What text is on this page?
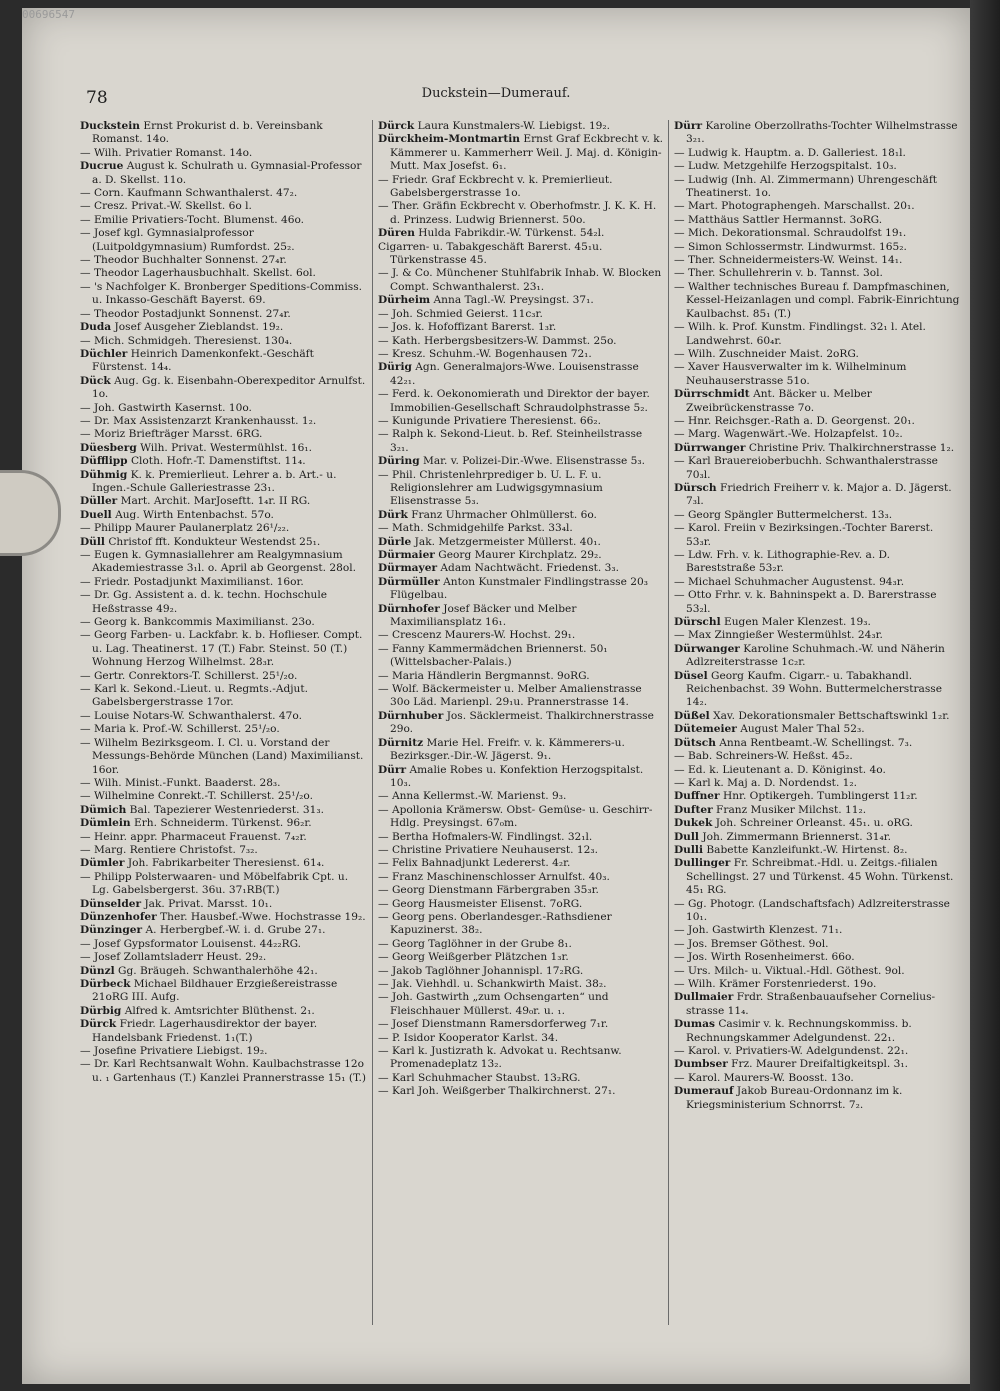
00696547
78	Duckstein—Dumerauf.

Duckstein Ernst Prokurist d. b. Vereinsbank Romanst. 14o.

— Wilh. Privatier Romanst. 14o.

Ducrue August k. Schulrath u. Gymnasial-Professor a. D. Skellst. 11o.

— Corn. Kaufmann Schwanthalerst. 47₂.

— Cresz. Privat.-W. Skellst. 6o l.

— Emilie Privatiers-Tocht. Blumenst. 46o.

— Josef kgl. Gymnasialprofessor (Luitpoldgymnasium) Rumfordst. 25₂.

— Theodor Buchhalter Sonnenst. 27₄r.

— Theodor Lagerhausbuchhalt. Skellst. 6ol.

— 's Nachfolger K. Bronberger Speditions-Commiss. u. Inkasso-Geschäft Bayerst. 69.

— Theodor Postadjunkt Sonnenst. 27₄r.

Duda Josef Ausgeher Zieblandst. 19₂.

— Mich. Schmidgeh. Theresienst. 130₄.

Düchler Heinrich Damenkonfekt.-Geschäft Fürstenst. 14₄.

Dück Aug. Gg. k. Eisenbahn-Oberexpeditor Arnulfst. 1o.

— Joh. Gastwirth Kasernst. 10o.

— Dr. Max Assistenzarzt Krankenhausst. 1₂.

— Moriz Briefträger Marsst. 6RG.

Düesberg Wilh. Privat. Westermühlst. 16₁.

Düfflipp Cloth. Hofr.-T. Damenstiftst. 11₄.

Dühmig K. k. Premierlieut. Lehrer a. b. Art.- u. Ingen.-Schule Galleriestrasse 23₁.

Düller Mart. Archit. MarJoseftt. 1₄r. II RG.

Duell Aug. Wirth Entenbachst. 57o.

— Philipp Maurer Paulanerplatz 26¹/₂₂.

Düll Christof fft. Kondukteur Westendst 25₁.

— Eugen k. Gymnasiallehrer am Realgymnasium Akademiestrasse 3₁l. o. April ab Georgenst. 28ol.

— Friedr. Postadjunkt Maximilianst. 16or.

— Dr. Gg. Assistent a. d. k. techn. Hochschule Heßstrasse 49₂.

— Georg k. Bankcommis Maximilianst. 23o.

— Georg Farben- u. Lackfabr. k. b. Hoflieser. Compt. u. Lag. Theatinerst. 17 (T.) Fabr. Steinst. 50 (T.) Wohnung Herzog Wilhelmst. 28₃r.

— Gertr. Conrektors-T. Schillerst. 25¹/₂o.

— Karl k. Sekond.-Lieut. u. Regmts.-Adjut. Gabelsbergerstrasse 17or.

— Louise Notars-W. Schwanthalerst. 47o.

— Maria k. Prof.-W. Schillerst. 25¹/₂o.

— Wilhelm Bezirksgeom. I. Cl. u. Vorstand der Messungs-Behörde München (Land) Maximilianst. 16or.

— Wilh. Minist.-Funkt. Baaderst. 28₃.

— Wilhelmine Conrekt.-T. Schillerst. 25¹/₂o.

Dümich Bal. Tapezierer Westenriederst. 31₃.

Dümlein Erh. Schneiderm. Türkenst. 96₂r.

— Heinr. appr. Pharmaceut Frauenst. 7₄₂r.

— Marg. Rentiere Christofst. 7₃₂.

Dümler Joh. Fabrikarbeiter Theresienst. 61₄.

— Philipp Polsterwaaren- und Möbelfabrik Cpt. u. Lg. Gabelsbergerst. 36u. 37₁RB(T.)

Dünselder Jak. Privat. Marsst. 10₁.

Dünzenhofer Ther. Hausbef.-Wwe. Hochstrasse 19₂.

Dünzinger A. Herbergbef.-W. i. d. Grube 27₁.

— Josef Gypsformator Louisenst. 44₂₂RG.

— Josef Zollamtsladerr Heust. 29₂.

Dünzl Gg. Bräugeh. Schwanthalerhöhe 42₁.

Dürbeck Michael Bildhauer Erzgießereistrasse 21oRG III. Aufg.

Dürbig Alfred k. Amtsrichter Blüthenst. 2₁.

Dürck Friedr. Lagerhausdirektor der bayer. Handelsbank Friedenst. 1₁(T.)

— Josefine Privatiere Liebigst. 19₂.

— Dr. Karl Rechtsanwalt Wohn. Kaulbachstrasse 12o u. ₁ Gartenhaus (T.) Kanzlei Prannerstrasse 15₁ (T.)

Dürck Laura Kunstmalers-W. Liebigst. 19₂.

Dürckheim-Montmartin Ernst Graf Eckbrecht v. k. Kämmerer u. Kammerherr Weil. J. Maj. d. Königin-Mutt. Max Josefst. 6₁.

— Friedr. Graf Eckbrecht v. k. Premierlieut. Gabelsbergerstrasse 1o.

— Ther. Gräfin Eckbrecht v. Oberhofmstr. J. K. K. H. d. Prinzess. Ludwig Briennerst. 50o.

Düren Hulda Fabrikdir.-W. Türkenst. 54₂l.

Cigarren- u. Tabakgeschäft Barerst. 45₁u. Türkenstrasse 45.

— J. & Co. Münchener Stuhlfabrik Inhab. W. Blocken Compt. Schwanthalerst. 23₁.

Dürheim Anna Tagl.-W. Preysingst. 37₁.

— Joh. Schmied Geierst. 11c₃r.

— Jos. k. Hofoffizant Barerst. 1₃r.

— Kath. Herbergsbesitzers-W. Dammst. 25o.

— Kresz. Schuhm.-W. Bogenhausen 72₁.

Dürig Agn. Generalmajors-Wwe. Louisenstrasse 42₂₁.

— Ferd. k. Oekonomierath und Direktor der bayer. Immobilien-Gesellschaft Schraudolphstrasse 5₂.

— Kunigunde Privatiere Theresienst. 66₂.

— Ralph k. Sekond-Lieut. b. Ref. Steinheilstrasse 3₂₁.

Düring Mar. v. Polizei-Dir.-Wwe. Elisenstrasse 5₃.

— Phil. Christenlehrprediger b. U. L. F. u. Religionslehrer am Ludwigsgymnasium Elisenstrasse 5₃.

Dürk Franz Uhrmacher Ohlmüllerst. 6o.

— Math. Schmidgehilfe Parkst. 33₄l.

Dürle Jak. Metzgermeister Müllerst. 40₁.

Dürmaier Georg Maurer Kirchplatz. 29₂.

Dürmayer Adam Nachtwächt. Friedenst. 3₃.

Dürmüller Anton Kunstmaler Findlingstrasse 20₃ Flügelbau.

Dürnhofer Josef Bäcker und Melber Maximiliansplatz 16₁.

— Crescenz Maurers-W. Hochst. 29₁.

— Fanny Kammermädchen Briennerst. 50₁ (Wittelsbacher-Palais.)

— Maria Händlerin Bergmannst. 9oRG.

— Wolf. Bäckermeister u. Melber Amalienstrasse 30o Läd. Marienpl. 29₁u. Prannerstrasse 14.

Dürnhuber Jos. Säcklermeist. Thalkirchnerstrasse 29o.

Dürnitz Marie Hel. Freifr. v. k. Kämmerers-u. Bezirksger.-Dir.-W. Jägerst. 9₁.

Dürr Amalie Robes u. Konfektion Herzogspitalst. 10₃.

— Anna Kellermst.-W. Marienst. 9₃.

— Apollonia Krämersw. Obst- Gemüse- u. Geschirr-Hdlg. Preysingst. 67₀m.

— Bertha Hofmalers-W. Findlingst. 32₁l.

— Christine Privatiere Neuhauserst. 12₃.

— Felix Bahnadjunkt Ledererst. 4₂r.

— Franz Maschinenschlosser Arnulfst. 40₃.

— Georg Dienstmann Färbergraben 35₃r.

— Georg Hausmeister Elisenst. 7oRG.

— Georg pens. Oberlandesger.-Rathsdiener Kapuzinerst. 38₂.

— Georg Taglöhner in der Grube 8₁.

— Georg Weißgerber Plätzchen 1₃r.

— Jakob Taglöhner Johannispl. 17₂RG.

— Jak. Viehhdl. u. Schankwirth Maist. 38₂.

— Joh. Gastwirth „zum Ochsengarten“ und Fleischhauer Müllerst. 49₀r. u. ₁.

— Josef Dienstmann Ramersdorferweg 7₁r.

— P. Isidor Kooperator Karlst. 34.

— Karl k. Justizrath k. Advokat u. Rechtsanw. Promenadeplatz 13₂.

— Karl Schuhmacher Staubst. 13₂RG.

— Karl Joh. Weißgerber Thalkirchnerst. 27₁.

Dürr Karoline Oberzollraths-Tochter Wilhelmstrasse 3₂₁.

— Ludwig k. Hauptm. a. D. Galleriest. 18₁l.

— Ludw. Metzgehilfe Herzogspitalst. 10₃.

— Ludwig (Inh. Al. Zimmermann) Uhrengeschäft Theatinerst. 1o.

— Mart. Photographengeh. Marschallst. 20₁.

— Matthäus Sattler Hermannst. 3oRG.

— Mich. Dekorationsmal. Schraudolfst 19₁.

— Simon Schlossermstr. Lindwurmst. 165₂.

— Ther. Schneidermeisters-W. Weinst. 14₁.

— Ther. Schullehrerin v. b. Tannst. 3ol.

— Walther technisches Bureau f. Dampfmaschinen, Kessel-Heizanlagen und compl. Fabrik-Einrichtung Kaulbachst. 85₁ (T.)

— Wilh. k. Prof. Kunstm. Findlingst. 32₁ l. Atel. Landwehrst. 60₄r.

— Wilh. Zuschneider Maist. 2oRG.

— Xaver Hausverwalter im k. Wilhelminum Neuhauserstrasse 51o.

Dürrschmidt Ant. Bäcker u. Melber Zweibrückenstrasse 7o.

— Hnr. Reichsger.-Rath a. D. Georgenst. 20₁.

— Marg. Wagenwärt.-We. Holzapfelst. 10₂.

Dürrwanger Christine Priv. Thalkirchnerstrasse 1₂.

— Karl Brauereioberbuchh. Schwanthalerstrasse 70₃l.

Dürsch Friedrich Freiherr v. k. Major a. D. Jägerst. 7₃l.

— Georg Spängler Buttermelcherst. 13₃.

— Karol. Freiin v Bezirksingen.-Tochter Barerst. 53₃r.

— Ldw. Frh. v. k. Lithographie-Rev. a. D. Bareststraße 53₂r.

— Michael Schuhmacher Augustenst. 94₃r.

— Otto Frhr. v. k. Bahninspekt a. D. Barerstrasse 53₂l.

Dürschl Eugen Maler Klenzest. 19₃.

— Max Zinngießer Westermühlst. 24₃r.

Dürwanger Karoline Schuhmach.-W. und Näherin Adlzreiterstrasse 1c₂r.

Düsel Georg Kaufm. Cigarr.- u. Tabakhandl. Reichenbachst. 39 Wohn. Buttermelcherstrasse 14₂.

Düßel Xav. Dekorationsmaler Bettschaftswinkl 1₂r.

Dütemeier August Maler Thal 52₃.

Dütsch Anna Rentbeamt.-W. Schellingst. 7₃.

— Bab. Schreiners-W. Heßst. 45₂.

— Ed. k. Lieutenant a. D. Königinst. 4o.

— Karl k. Maj a. D. Nordendst. 1₂.

Duffner Hnr. Optikergeh. Tumblingerst 11₂r.

Dufter Franz Musiker Milchst. 11₂.

Dukek Joh. Schreiner Orleanst. 45₁. u. oRG.

Dull Joh. Zimmermann Briennerst. 31₄r.

Dulli Babette Kanzleifunkt.-W. Hirtenst. 8₂.

Dullinger Fr. Schreibmat.-Hdl. u. Zeitgs.-filialen Schellingst. 27 und Türkenst. 45 Wohn. Türkenst. 45₁ RG.

— Gg. Photogr. (Landschaftsfach) Adlzreiterstrasse 10₁.

— Joh. Gastwirth Klenzest. 71₁.

— Jos. Bremser Göthest. 9ol.

— Jos. Wirth Rosenheimerst. 66o.

— Urs. Milch- u. Viktual.-Hdl. Göthest. 9ol.

— Wilh. Krämer Forstenriederst. 19o.

Dullmaier Frdr. Straßenbauaufseher Corneliusstrasse 11₄.

Dumas Casimir v. k. Rechnungskommiss. b. Rechnungskammer Adelgundenst. 22₁.

— Karol. v. Privatiers-W. Adelgundenst. 22₁.

Dumbser Frz. Maurer Dreifaltigkeitspl. 3₁.

— Karol. Maurers-W. Boosst. 13o.

Dumerauf Jakob Bureau-Ordonnanz im k. Kriegsministerium Schnorrst. 7₂.
